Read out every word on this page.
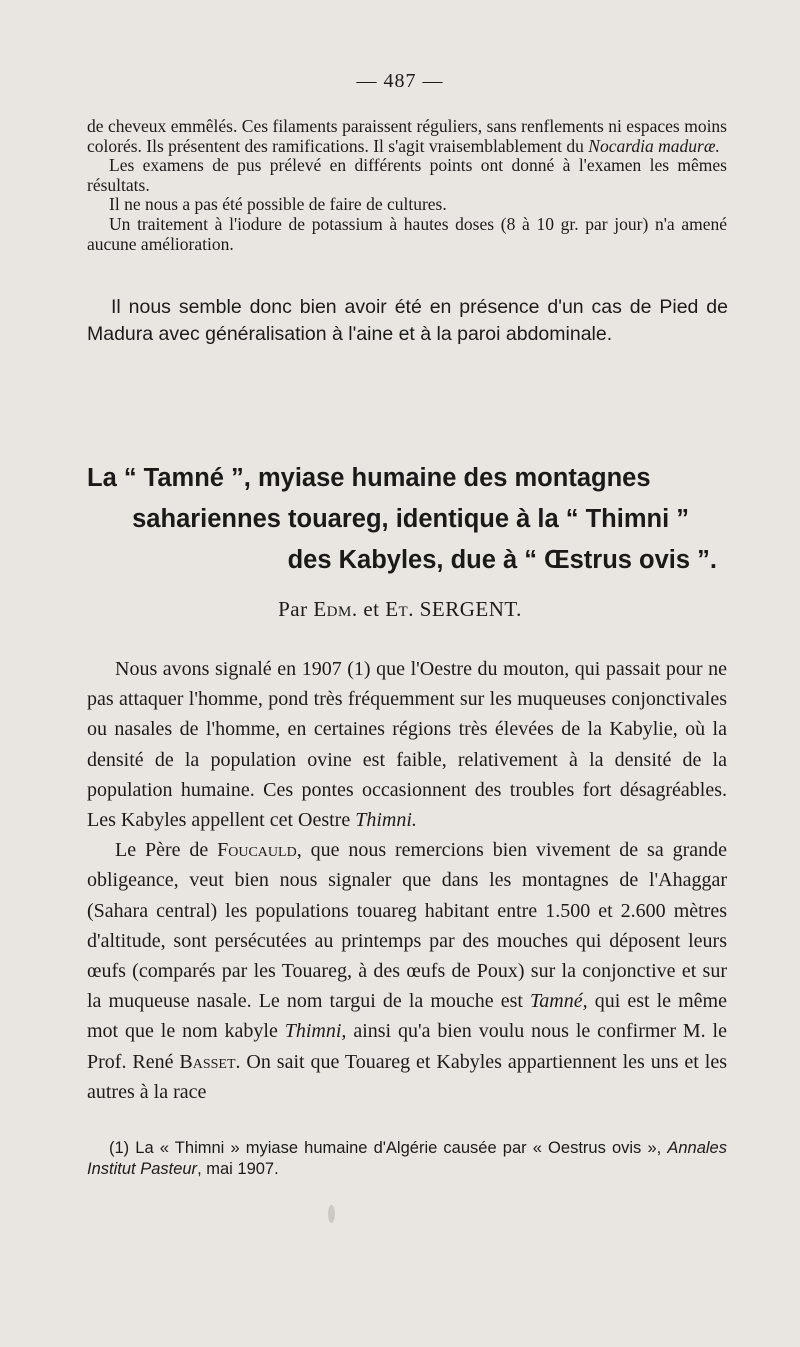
— 487 —

de cheveux emmêlés. Ces filaments paraissent réguliers, sans renflements ni espaces moins colorés. Ils présentent des ramifications. Il s'agit vraisemblablement du Nocardia maduræ.

Les examens de pus prélevé en différents points ont donné à l'examen les mêmes résultats.

Il ne nous a pas été possible de faire de cultures.

Un traitement à l'iodure de potassium à hautes doses (8 à 10 gr. par jour) n'a amené aucune amélioration.

Il nous semble donc bien avoir été en présence d'un cas de Pied de Madura avec généralisation à l'aine et à la paroi abdominale.

La “ Tamné ”, myiase humaine des montagnes
sahariennes touareg, identique à la “ Thimni ”
des Kabyles, due à “ Œstrus ovis ”.
Par Edm. et Et. SERGENT.

Nous avons signalé en 1907 (1) que l'Oestre du mouton, qui passait pour ne pas attaquer l'homme, pond très fréquemment sur les muqueuses conjonctivales ou nasales de l'homme, en certaines régions très élevées de la Kabylie, où la densité de la population ovine est faible, relativement à la densité de la population humaine. Ces pontes occasionnent des troubles fort désagréables. Les Kabyles appellent cet Oestre Thimni.

Le Père de Foucauld, que nous remercions bien vivement de sa grande obligeance, veut bien nous signaler que dans les montagnes de l'Ahaggar (Sahara central) les populations touareg habitant entre 1.500 et 2.600 mètres d'altitude, sont persécutées au printemps par des mouches qui déposent leurs œufs (comparés par les Touareg, à des œufs de Poux) sur la conjonctive et sur la muqueuse nasale. Le nom targui de la mouche est Tamné, qui est le même mot que le nom kabyle Thimni, ainsi qu'a bien voulu nous le confirmer M. le Prof. René Basset. On sait que Touareg et Kabyles appartiennent les uns et les autres à la race

(1) La « Thimni » myiase humaine d'Algérie causée par « Oestrus ovis », Annales Institut Pasteur, mai 1907.
